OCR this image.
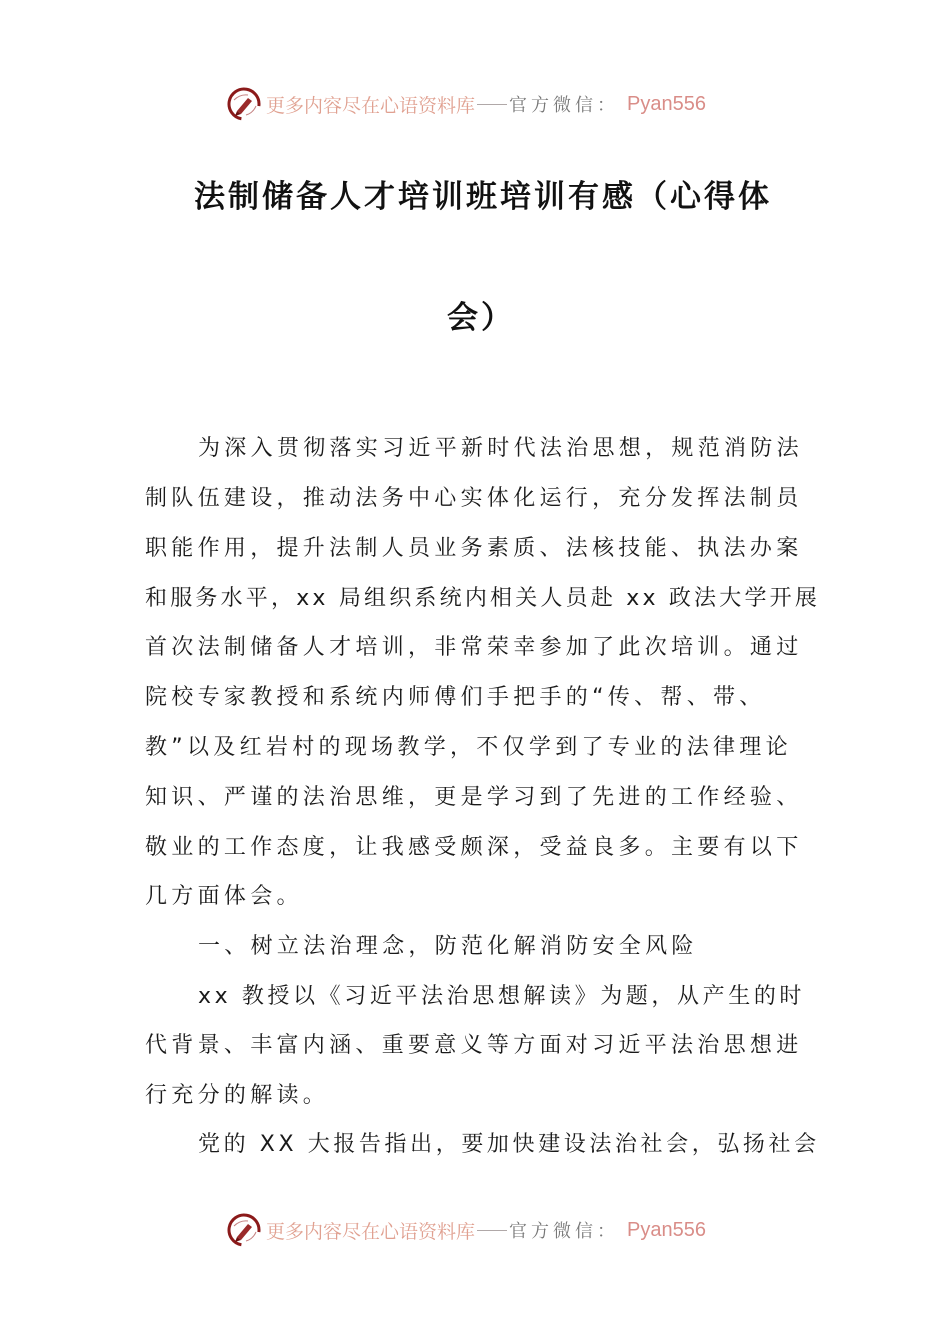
更多内容尽在心语资料库 官方微信： Pyan556
法制储备人才培训班培训有感（心得体
会）
为深入贯彻落实习近平新时代法治思想，规范消防法
制队伍建设，推动法务中心实体化运行，充分发挥法制员
职能作用，提升法制人员业务素质、法核技能、执法办案
和服务水平，xx 局组织系统内相关人员赴 xx 政法大学开展
首次法制储备人才培训，非常荣幸参加了此次培训。通过
院校专家教授和系统内师傅们手把手的“传、帮、带、
教”以及红岩村的现场教学，不仅学到了专业的法律理论
知识、严谨的法治思维，更是学习到了先进的工作经验、
敬业的工作态度，让我感受颇深，受益良多。主要有以下
几方面体会。
一、树立法治理念，防范化解消防安全风险
xx 教授以《习近平法治思想解读》为题，从产生的时
代背景、丰富内涵、重要意义等方面对习近平法治思想进
行充分的解读。
党的 XX 大报告指出，要加快建设法治社会，弘扬社会
更多内容尽在心语资料库 官方微信： Pyan556
